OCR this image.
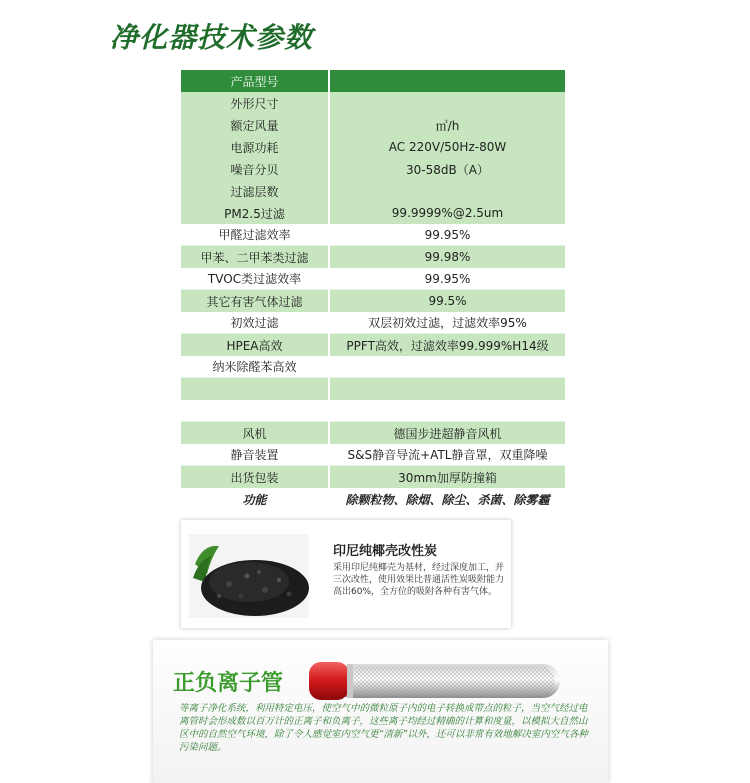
净化器技术参数
产品型号
外形尺寸
额定风量	㎥/h
电源功耗	AC 220V/50Hz-80W
噪音分贝	30-58dB（A）
过滤层数
PM2.5过滤	99.9999%@2.5um
甲醛过滤效率	99.95%
甲苯、二甲苯类过滤	99.98%
TVOC类过滤效率	99.95%
其它有害气体过滤	99.5%
初效过滤	双层初效过滤，过滤效率95%
HPEA高效	PPFT高效，过滤效率99.999%H14级
纳米除醛苯高效
风机	德国步进超静音风机
静音装置	S&S静音导流+ATL静音罩，双重降噪
出货包装	30mm加厚防撞箱
功能	除颗粒物、除烟、除尘、杀菌、除雾霾
印尼纯椰壳改性炭
采用印尼纯椰壳为基材，经过深度加工，并三次改性，使用效果比普通活性炭吸附能力高出60%，全方位的吸附各种有害气体。
正负离子管
等离子净化系统，利用特定电压，使空气中的微粒原子内的电子转换成带点的粒子，当空气经过电离管时会形成数以百万计的正离子和负离子，这些离子均经过精确的计算和度量，以模拟大自然山区中的自然空气环境，除了令人感觉室内空气更“清新”以外，还可以非常有效地解决室内空气各种污染问题。
